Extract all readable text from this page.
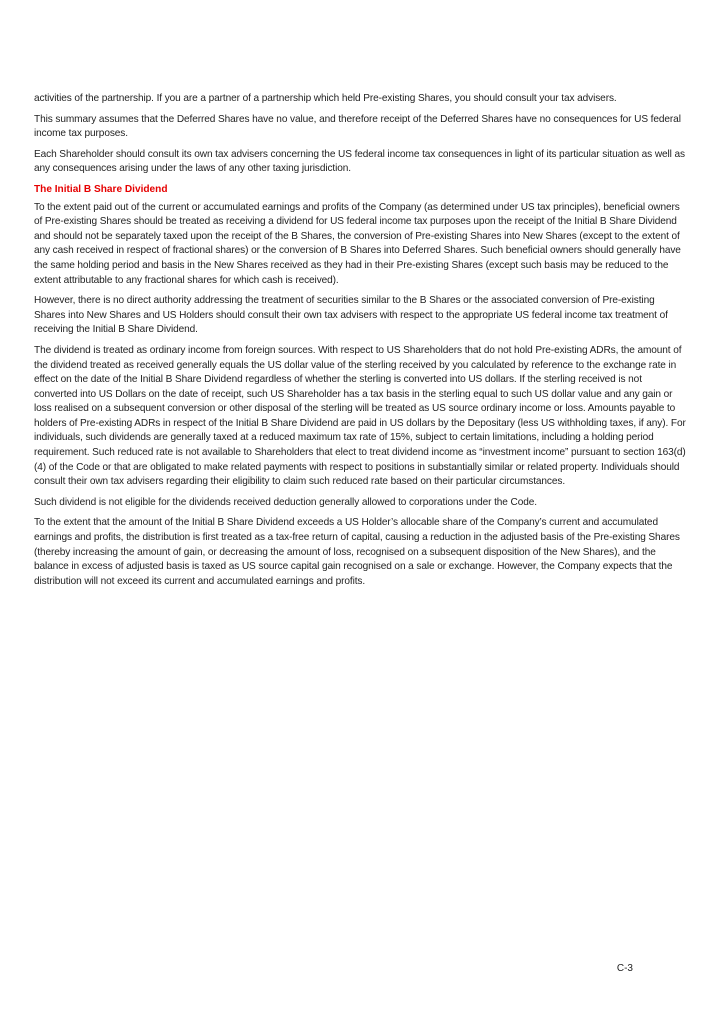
activities of the partnership. If you are a partner of a partnership which held Pre-existing Shares, you should consult your tax advisers.

This summary assumes that the Deferred Shares have no value, and therefore receipt of the Deferred Shares have no consequences for US federal income tax purposes.

Each Shareholder should consult its own tax advisers concerning the US federal income tax consequences in light of its particular situation as well as any consequences arising under the laws of any other taxing jurisdiction.

The Initial B Share Dividend

To the extent paid out of the current or accumulated earnings and profits of the Company (as determined under US tax principles), beneficial owners of Pre-existing Shares should be treated as receiving a dividend for US federal income tax purposes upon the receipt of the Initial B Share Dividend and should not be separately taxed upon the receipt of the B Shares, the conversion of Pre-existing Shares into New Shares (except to the extent of any cash received in respect of fractional shares) or the conversion of B Shares into Deferred Shares. Such beneficial owners should generally have the same holding period and basis in the New Shares received as they had in their Pre-existing Shares (except such basis may be reduced to the extent attributable to any fractional shares for which cash is received).

However, there is no direct authority addressing the treatment of securities similar to the B Shares or the associated conversion of Pre-existing Shares into New Shares and US Holders should consult their own tax advisers with respect to the appropriate US federal income tax treatment of receiving the Initial B Share Dividend.

The dividend is treated as ordinary income from foreign sources. With respect to US Shareholders that do not hold Pre-existing ADRs, the amount of the dividend treated as received generally equals the US dollar value of the sterling received by you calculated by reference to the exchange rate in effect on the date of the Initial B Share Dividend regardless of whether the sterling is converted into US dollars. If the sterling received is not converted into US Dollars on the date of receipt, such US Shareholder has a tax basis in the sterling equal to such US dollar value and any gain or loss realised on a subsequent conversion or other disposal of the sterling will be treated as US source ordinary income or loss. Amounts payable to holders of Pre-existing ADRs in respect of the Initial B Share Dividend are paid in US dollars by the Depositary (less US withholding taxes, if any). For individuals, such dividends are generally taxed at a reduced maximum tax rate of 15%, subject to certain limitations, including a holding period requirement. Such reduced rate is not available to Shareholders that elect to treat dividend income as “investment income” pursuant to section 163(d)(4) of the Code or that are obligated to make related payments with respect to positions in substantially similar or related property. Individuals should consult their own tax advisers regarding their eligibility to claim such reduced rate based on their particular circumstances.

Such dividend is not eligible for the dividends received deduction generally allowed to corporations under the Code.

To the extent that the amount of the Initial B Share Dividend exceeds a US Holder’s allocable share of the Company’s current and accumulated earnings and profits, the distribution is first treated as a tax-free return of capital, causing a reduction in the adjusted basis of the Pre-existing Shares (thereby increasing the amount of gain, or decreasing the amount of loss, recognised on a subsequent disposition of the New Shares), and the balance in excess of adjusted basis is taxed as US source capital gain recognised on a sale or exchange. However, the Company expects that the distribution will not exceed its current and accumulated earnings and profits.

C-3
